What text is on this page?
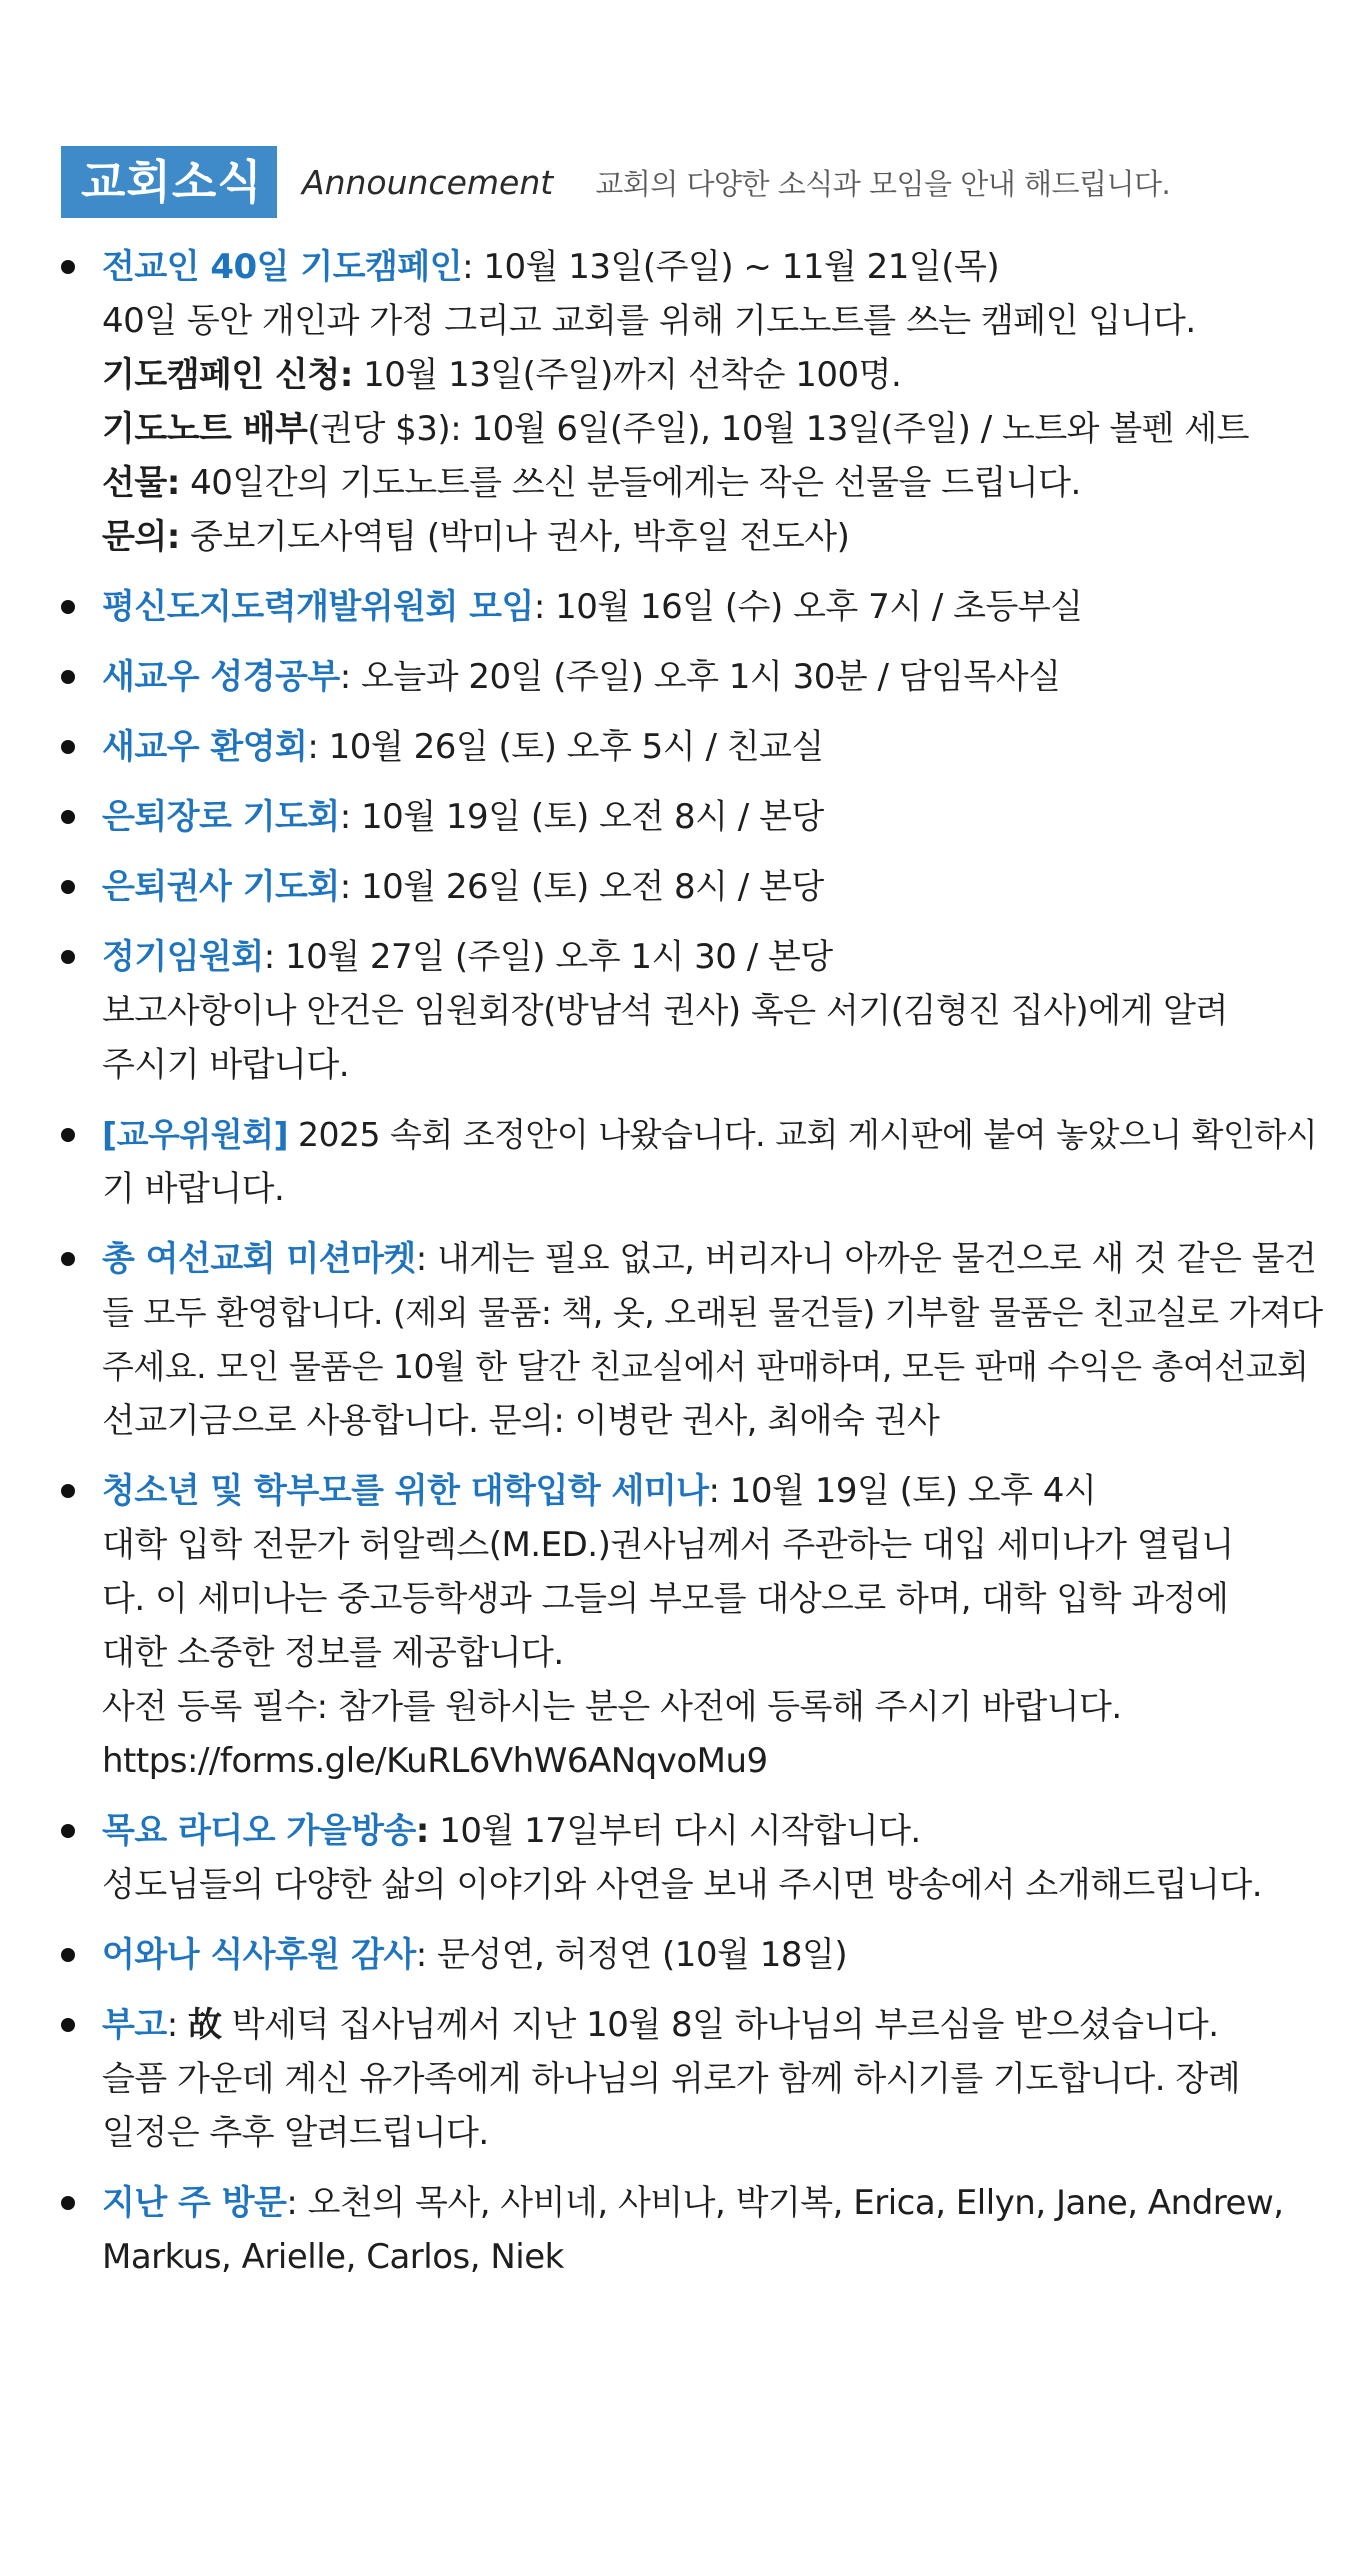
교회소식	Announcement 교회의 다양한 소식과 모임을 안내 해드립니다.
전교인 40일 기도캠페인: 10월 13일(주일) ~ 11월 21일(목)
40일 동안 개인과 가정 그리고 교회를 위해 기도노트를 쓰는 캠페인 입니다.
기도캠페인 신청: 10월 13일(주일)까지 선착순 100명.
기도노트 배부(권당 $3): 10월 6일(주일), 10월 13일(주일) / 노트와 볼펜 세트
선물: 40일간의 기도노트를 쓰신 분들에게는 작은 선물을 드립니다.
문의: 중보기도사역팀 (박미나 권사, 박후일 전도사)
평신도지도력개발위원회 모임: 10월 16일 (수) 오후 7시 / 초등부실
새교우 성경공부: 오늘과 20일 (주일) 오후 1시 30분 / 담임목사실
새교우 환영회: 10월 26일 (토) 오후 5시 / 친교실
은퇴장로 기도회: 10월 19일 (토) 오전 8시 / 본당
은퇴권사 기도회: 10월 26일 (토) 오전 8시 / 본당
정기임원회: 10월 27일 (주일) 오후 1시 30 / 본당
보고사항이나 안건은 임원회장(방남석 권사) 혹은 서기(김형진 집사)에게 알려
주시기 바랍니다.
[교우위원회] 2025 속회 조정안이 나왔습니다. 교회 게시판에 붙여 놓았으니 확인하시
기 바랍니다.
총 여선교회 미션마켓: 내게는 필요 없고, 버리자니 아까운 물건으로 새 것 같은 물건
들 모두 환영합니다. (제외 물품: 책, 옷, 오래된 물건들) 기부할 물품은 친교실로 가져다
주세요. 모인 물품은 10월 한 달간 친교실에서 판매하며, 모든 판매 수익은 총여선교회
선교기금으로 사용합니다. 문의: 이병란 권사, 최애숙 권사
청소년 및 학부모를 위한 대학입학 세미나: 10월 19일 (토) 오후 4시
대학 입학 전문가 허알렉스(M.ED.)권사님께서 주관하는 대입 세미나가 열립니
다. 이 세미나는 중고등학생과 그들의 부모를 대상으로 하며, 대학 입학 과정에
대한 소중한 정보를 제공합니다.
사전 등록 필수: 참가를 원하시는 분은 사전에 등록해 주시기 바랍니다.
https://forms.gle/KuRL6VhW6ANqvoMu9
목요 라디오 가을방송: 10월 17일부터 다시 시작합니다.
성도님들의 다양한 삶의 이야기와 사연을 보내 주시면 방송에서 소개해드립니다.
어와나 식사후원 감사: 문성연, 허정연 (10월 18일)
부고: 故 박세덕 집사님께서 지난 10월 8일 하나님의 부르심을 받으셨습니다.
슬픔 가운데 계신 유가족에게 하나님의 위로가 함께 하시기를 기도합니다. 장례
일정은 추후 알려드립니다.
지난 주 방문: 오천의 목사, 사비네, 사비나, 박기복, Erica, Ellyn, Jane, Andrew,
Markus, Arielle, Carlos, Niek
